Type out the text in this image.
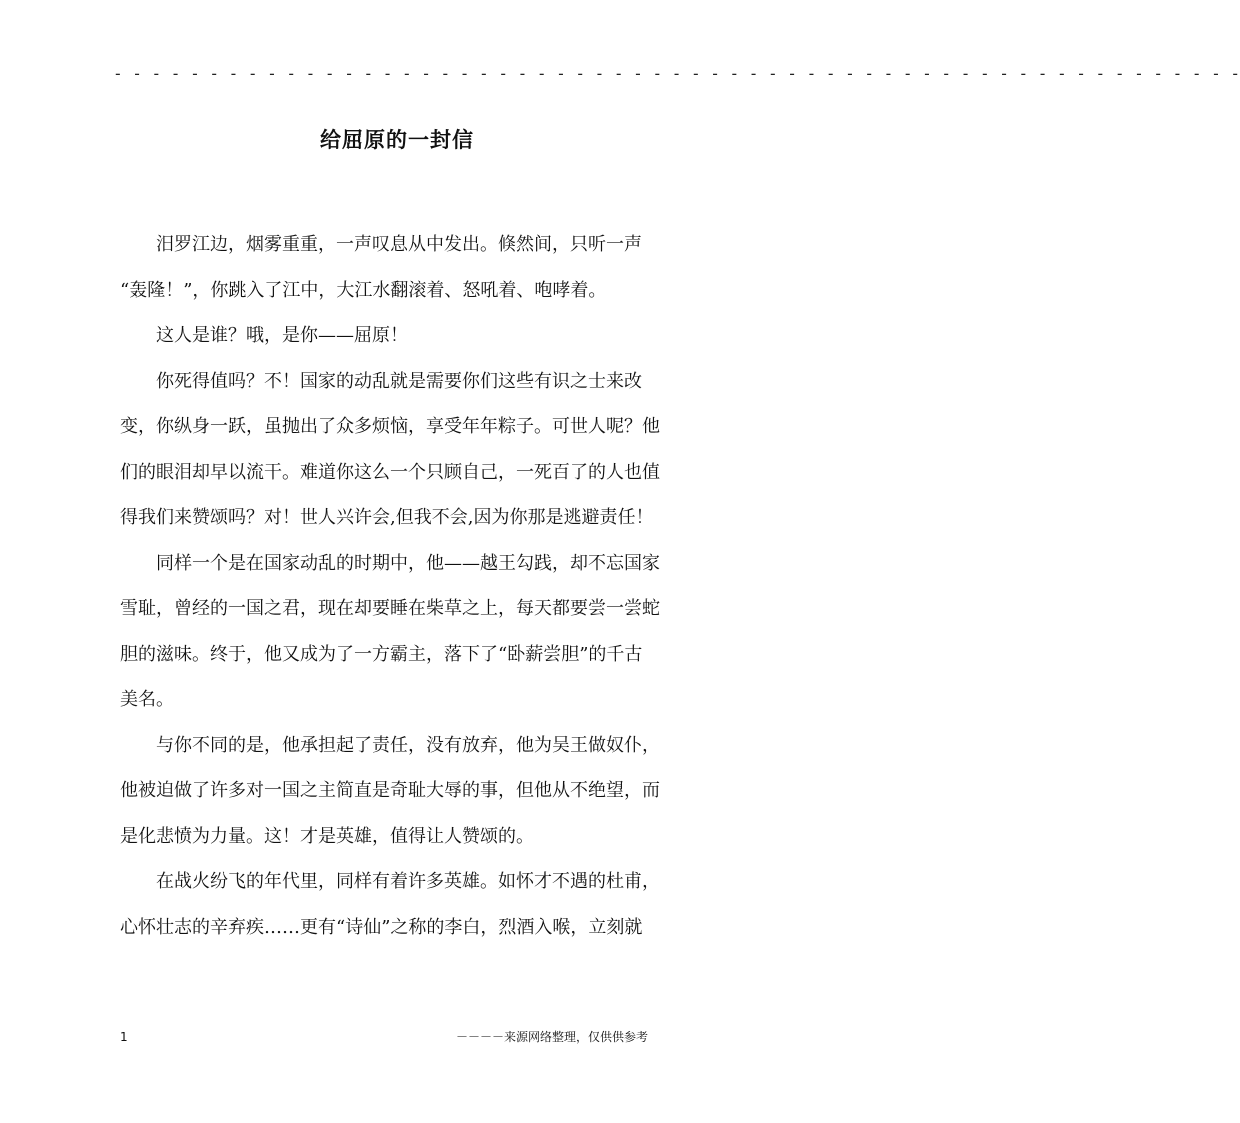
- - - - - - - - - - - - - - - - - - - - - - - - - - - - - - - - - - - - - - - - - - - - - - - - - - - - - - - - - - -
给屈原的一封信
汨罗江边，烟雾重重，一声叹息从中发出。倏然间，只听一声
“轰隆！”，你跳入了江中，大江水翻滚着、怒吼着、咆哮着。
这人是谁？哦，是你——屈原！
你死得值吗？不！国家的动乱就是需要你们这些有识之士来改
变，你纵身一跃，虽抛出了众多烦恼，享受年年粽子。可世人呢？他
们的眼泪却早以流干。难道你这么一个只顾自己，一死百了的人也值
得我们来赞颂吗？对！世人兴许会,但我不会,因为你那是逃避责任！
同样一个是在国家动乱的时期中，他——越王勾践，却不忘国家
雪耻，曾经的一国之君，现在却要睡在柴草之上，每天都要尝一尝蛇
胆的滋味。终于，他又成为了一方霸主，落下了“卧薪尝胆”的千古
美名。
与你不同的是，他承担起了责任，没有放弃，他为吴王做奴仆，
他被迫做了许多对一国之主简直是奇耻大辱的事，但他从不绝望，而
是化悲愤为力量。这！才是英雄，值得让人赞颂的。
在战火纷飞的年代里，同样有着许多英雄。如怀才不遇的杜甫，
心怀壮志的辛弃疾……更有“诗仙”之称的李白，烈酒入喉，立刻就
1	－－－－来源网络整理，仅供供参考
